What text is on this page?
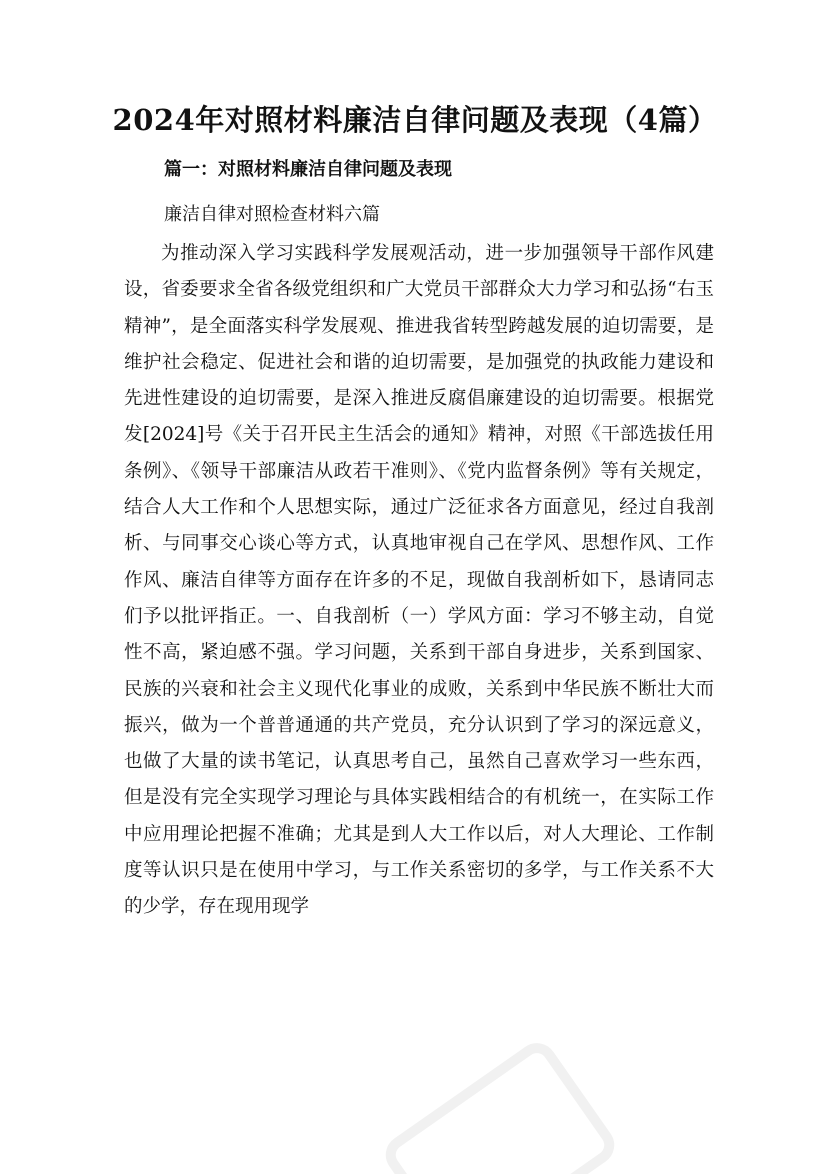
2024年对照材料廉洁自律问题及表现（4篇）
篇一：对照材料廉洁自律问题及表现
廉洁自律对照检查材料六篇

为推动深入学习实践科学发展观活动，进一步加强领导干部作风建设，省委要求全省各级党组织和广大党员干部群众大力学习和弘扬“右玉精神”，是全面落实科学发展观、推进我省转型跨越发展的迫切需要，是维护社会稳定、促进社会和谐的迫切需要，是加强党的执政能力建设和先进性建设的迫切需要，是深入推进反腐倡廉建设的迫切需要。根据党发[2024]号《关于召开民主生活会的通知》精神，对照《干部选拔任用条例》、《领导干部廉洁从政若干准则》、《党内监督条例》等有关规定，结合人大工作和个人思想实际，通过广泛征求各方面意见，经过自我剖析、与同事交心谈心等方式，认真地审视自己在学风、思想作风、工作作风、廉洁自律等方面存在许多的不足，现做自我剖析如下，恳请同志们予以批评指正。一、自我剖析（一）学风方面：学习不够主动，自觉性不高，紧迫感不强。学习问题，关系到干部自身进步，关系到国家、民族的兴衰和社会主义现代化事业的成败，关系到中华民族不断壮大而振兴，做为一个普普通通的共产党员，充分认识到了学习的深远意义，也做了大量的读书笔记，认真思考自己，虽然自己喜欢学习一些东西，但是没有完全实现学习理论与具体实践相结合的有机统一，在实际工作中应用理论把握不准确；尤其是到人大工作以后，对人大理论、工作制度等认识只是在使用中学习，与工作关系密切的多学，与工作关系不大的少学，存在现用现学
